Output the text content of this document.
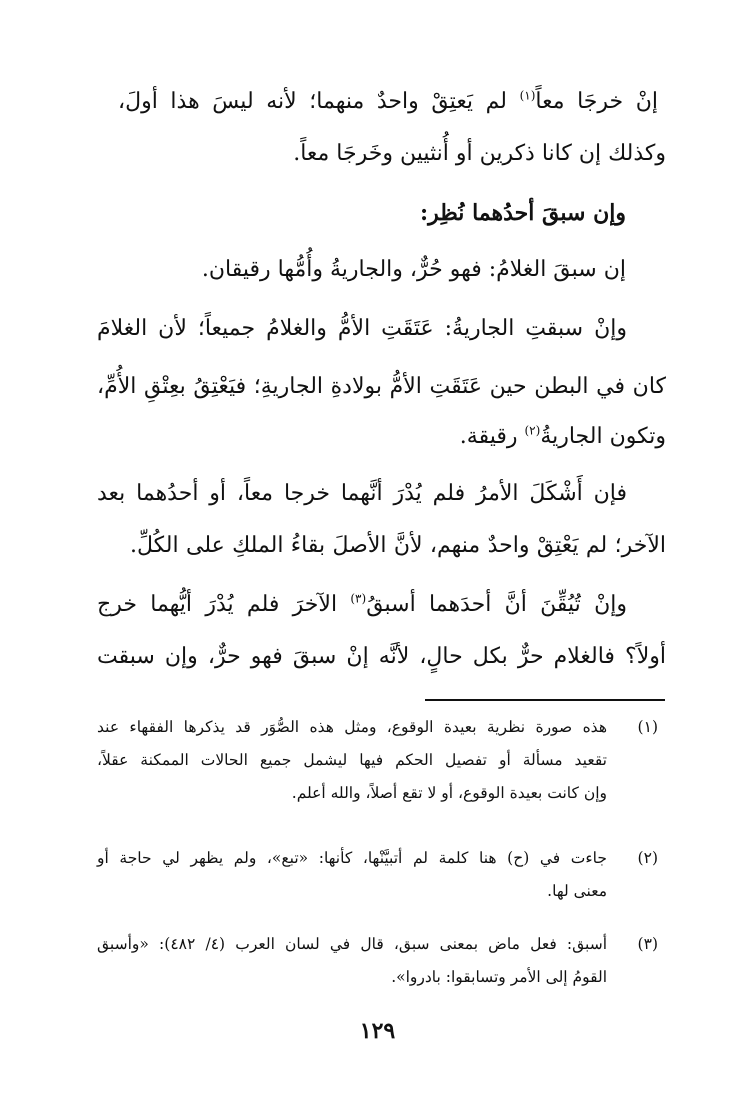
إنْ خرجَا معاً$^{(١)}$ لم يَعتِقْ واحدٌ منهما؛ لأنه ليسَ هذا أولَ،
وكذلك إن كانا ذكرين أو أُنثيين وخَرجَا معاً.
وإن سبقَ أحدُهما نُظِر:
إن سبقَ الغلامُ: فهو حُرٌّ، والجاريةُ وأُمُّها رقيقان.
وإنْ سبقتِ الجاريةُ: عَتَقَتِ الأمُّ والغلامُ جميعاً؛ لأن الغلامَ
كان في البطن حين عَتَقَتِ الأمُّ بولادةِ الجاريةِ؛ فيَعْتِقُ بعِتْقِ الأُمِّ،
وتكون الجاريةُ$^{(٢)}$ رقيقة.
فإن أَشْكَلَ الأمرُ فلم يُدْرَ أنَّهما خرجا معاً، أو أحدُهما بعد
الآخر؛ لم يَعْتِقْ واحدٌ منهم، لأنَّ الأصلَ بقاءُ الملكِ على الكُلِّ.
وإنْ تُيُقِّنَ أنَّ أحدَهما أسبقُ$^{(٣)}$ الآخرَ فلم يُدْرَ أيُّهما خرج
أولاً؟ فالغلام حرٌّ بكل حالٍ، لأنَّه إنْ سبقَ فهو حرٌّ، وإن سبقت
(١)
هذه صورة نظرية بعيدة الوقوع، ومثل هذه الصُّوَر قد يذكرها الفقهاء عند
تقعيد مسألة أو تفصيل الحكم فيها ليشمل جميع الحالات الممكنة عقلاً،
وإن كانت بعيدة الوقوع، أو لا تقع أصلاً، والله أعلم.
(٢)
جاءت في (ح) هنا كلمة لم أتبيَّنْها، كأنها: «تبع»، ولم يظهر لي حاجة أو
معنى لها.
(٣)
أسبق: فعل ماض بمعنى سبق، قال في لسان العرب (٤/ ٤٨٢): «وأسبق
القومُ إلى الأمر وتسابقوا: بادروا».
١٢٩
